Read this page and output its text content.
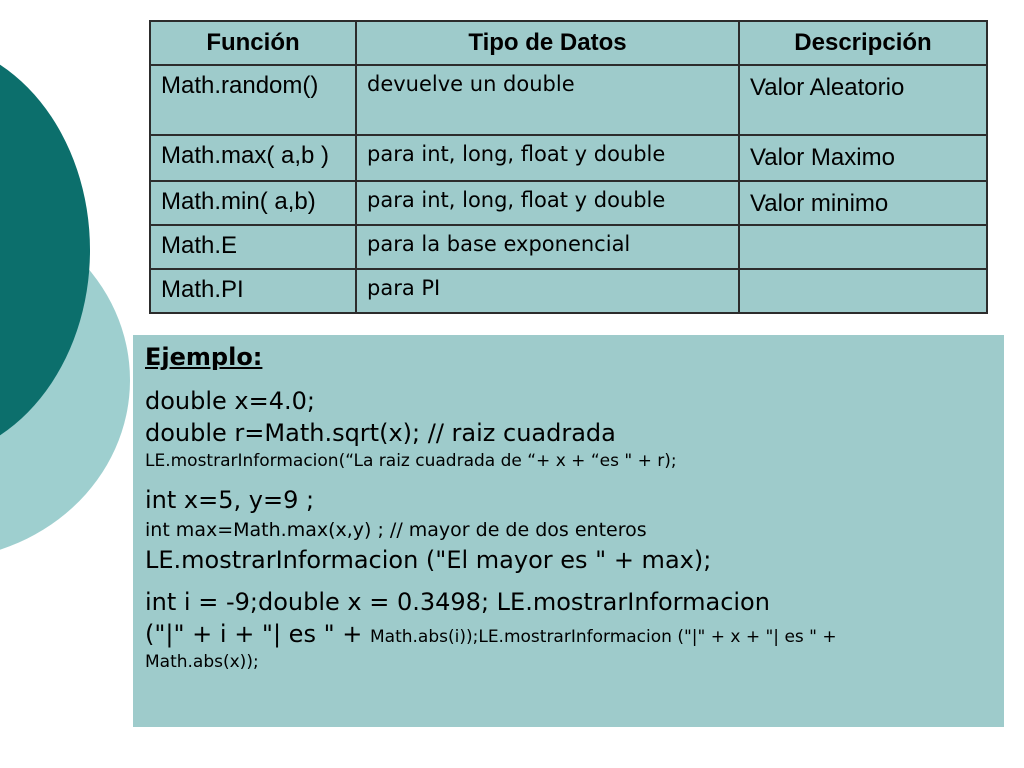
Función	Tipo de Datos	Descripción
Math.random()	devuelve un double	Valor Aleatorio
Math.max( a,b )	para int, long, float y double	Valor Maximo
Math.min( a,b)	para int, long, float y double	Valor minimo
Math.E	para la base exponencial	
Math.PI	para PI	
Ejemplo:
double x=4.0;
double r=Math.sqrt(x); // raiz cuadrada
LE.mostrarInformacion(“La raiz cuadrada de “+ x + “es " + r);
int x=5, y=9 ;
int max=Math.max(x,y) ; // mayor de de dos enteros
LE.mostrarInformacion ("El mayor es " + max);
int i = -9;double x = 0.3498; LE.mostrarInformacion
("|" + i + "| es " + Math.abs(i));LE.mostrarInformacion ("|" + x + "| es " +
Math.abs(x));
